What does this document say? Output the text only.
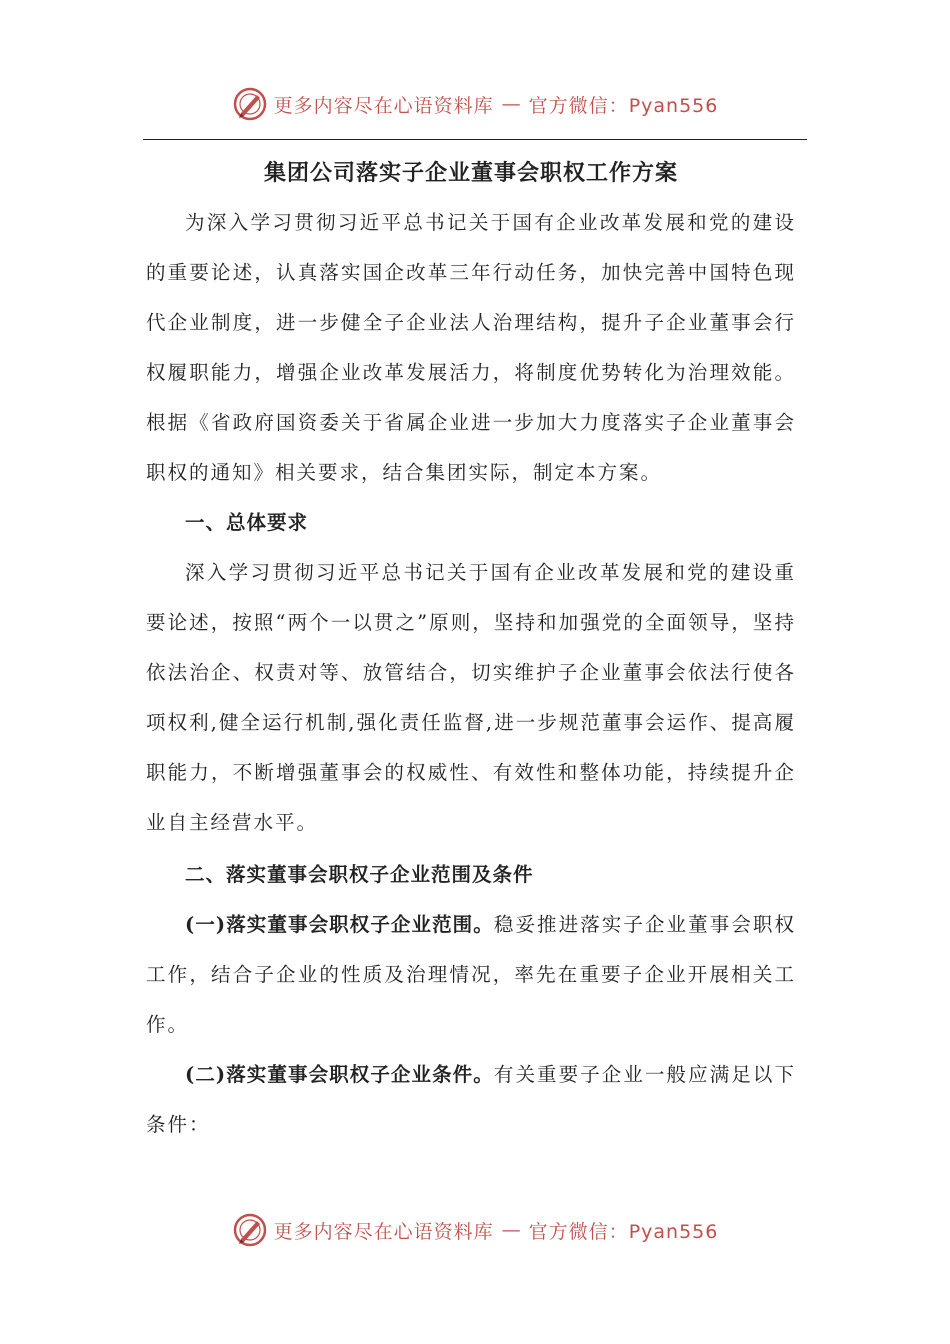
更多内容尽在心语资料库 — 官方微信：Pyan556
集团公司落实子企业董事会职权工作方案

为深入学习贯彻习近平总书记关于国有企业改革发展和党的建设的重要论述，认真落实国企改革三年行动任务，加快完善中国特色现代企业制度，进一步健全子企业法人治理结构，提升子企业董事会行权履职能力，增强企业改革发展活力，将制度优势转化为治理效能。根据《省政府国资委关于省属企业进一步加大力度落实子企业董事会职权的通知》相关要求，结合集团实际，制定本方案。

一、总体要求

深入学习贯彻习近平总书记关于国有企业改革发展和党的建设重要论述，按照“两个一以贯之”原则，坚持和加强党的全面领导，坚持依法治企、权责对等、放管结合，切实维护子企业董事会依法行使各项权利,健全运行机制,强化责任监督,进一步规范董事会运作、提高履职能力，不断增强董事会的权威性、有效性和整体功能，持续提升企业自主经营水平。

二、落实董事会职权子企业范围及条件

(一)落实董事会职权子企业范围。稳妥推进落实子企业董事会职权工作，结合子企业的性质及治理情况，率先在重要子企业开展相关工作。

(二)落实董事会职权子企业条件。有关重要子企业一般应满足以下条件：

更多内容尽在心语资料库 — 官方微信：Pyan556
